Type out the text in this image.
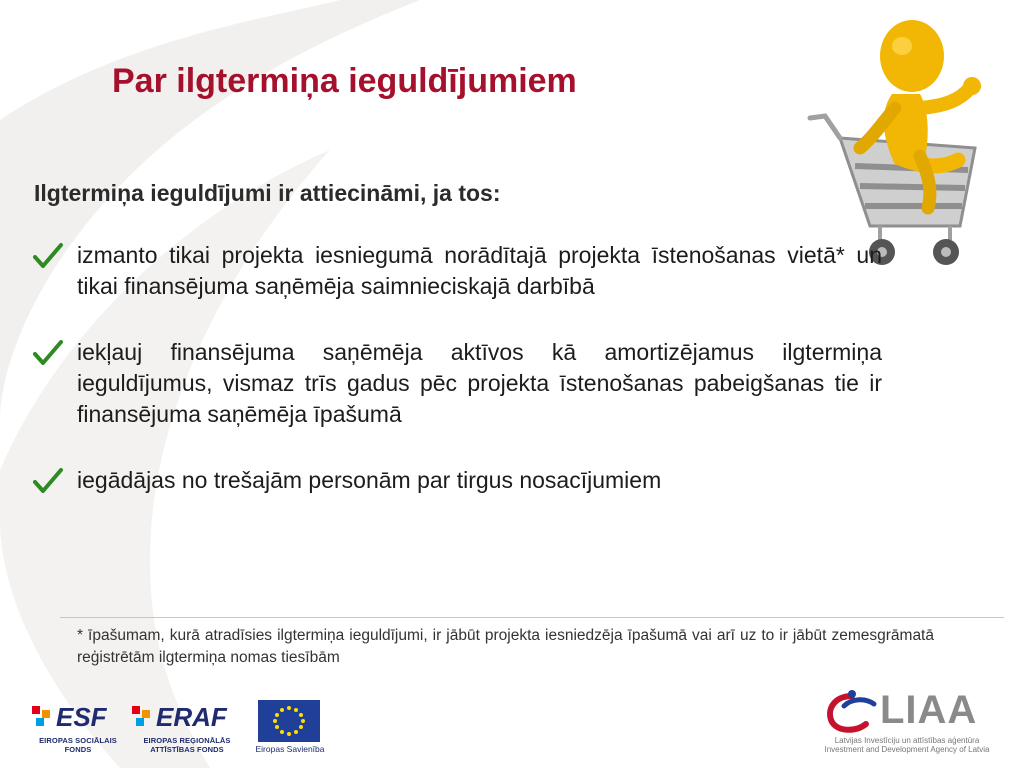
Par ilgtermiņa ieguldījumiem
Ilgtermiņa ieguldījumi ir attiecināmi, ja tos:
izmanto tikai projekta iesniegumā norādītajā projekta īstenošanas vietā* un tikai finansējuma saņēmēja saimnieciskajā darbībā
iekļauj finansējuma saņēmēja aktīvos kā amortizējamus ilgtermiņa ieguldījumus, vismaz trīs gadus pēc projekta īstenošanas pabeigšanas tie ir finansējuma saņēmēja īpašumā
iegādājas no trešajām personām par tirgus nosacījumiem
* īpašumam, kurā atradīsies ilgtermiņa ieguldījumi, ir jābūt projekta iesniedzēja īpašumā vai arī uz to ir jābūt zemesgrāmatā reģistrētām ilgtermiņa nomas tiesībām
ESF
EIROPAS SOCIĀLAIS
FONDS
ERAF
EIROPAS REĢIONĀLĀS
ATTĪSTĪBAS FONDS	Eiropas Savienība
LIAA
Latvijas Investīciju un attīstības aģentūra
Investment and Development Agency of Latvia
